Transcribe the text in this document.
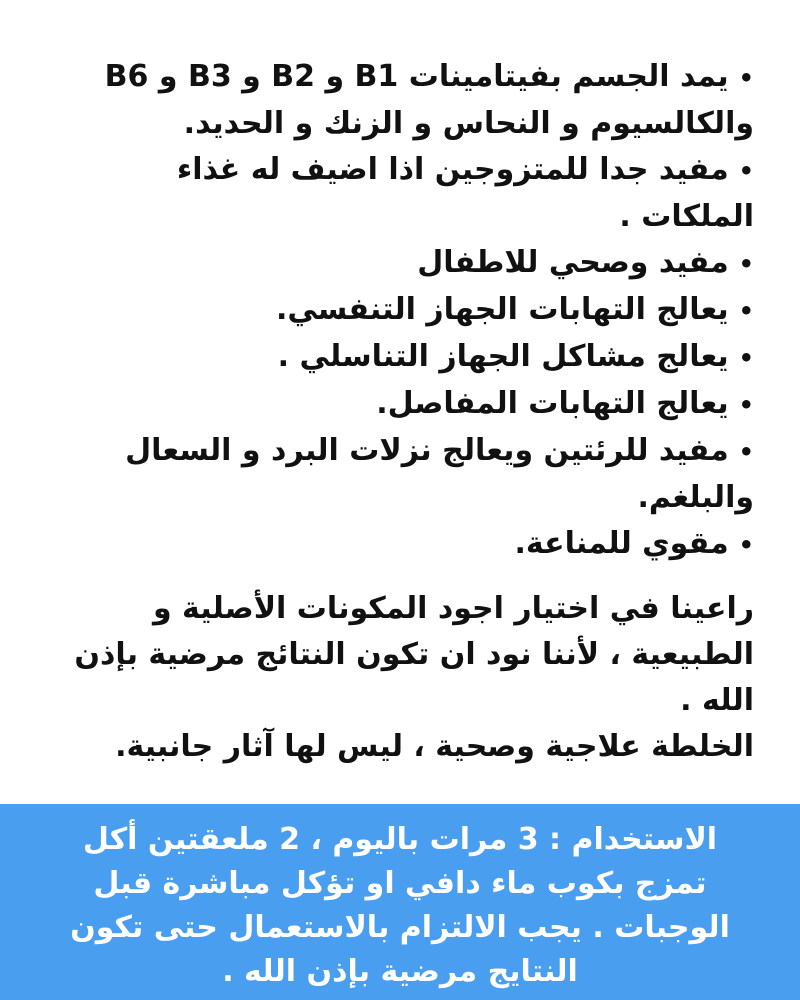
•يمد الجسم بفيتامينات B1 و B2 و B3 و B6 والكالسيوم و النحاس و الزنك و الحديد.
•مفيد جدا للمتزوجين اذا اضيف له غذاء الملكات .
•مفيد وصحي للاطفال
•يعالج التهابات الجهاز التنفسي.
•يعالج مشاكل الجهاز التناسلي .
•يعالج التهابات المفاصل.
•مفيد للرئتين ويعالج نزلات البرد و السعال والبلغم.
•مقوي للمناعة.

راعينا في اختيار اجود المكونات الأصلية و الطبيعية ، لأننا نود ان تكون النتائج مرضية بإذن الله .

الخلطة علاجية وصحية ، ليس لها آثار جانبية.

الاستخدام : 3 مرات باليوم ، 2 ملعقتين أكل تمزج بكوب ماء دافي او تؤكل مباشرة قبل الوجبات . يجب الالتزام بالاستعمال حتى تكون النتايج مرضية بإذن الله .
